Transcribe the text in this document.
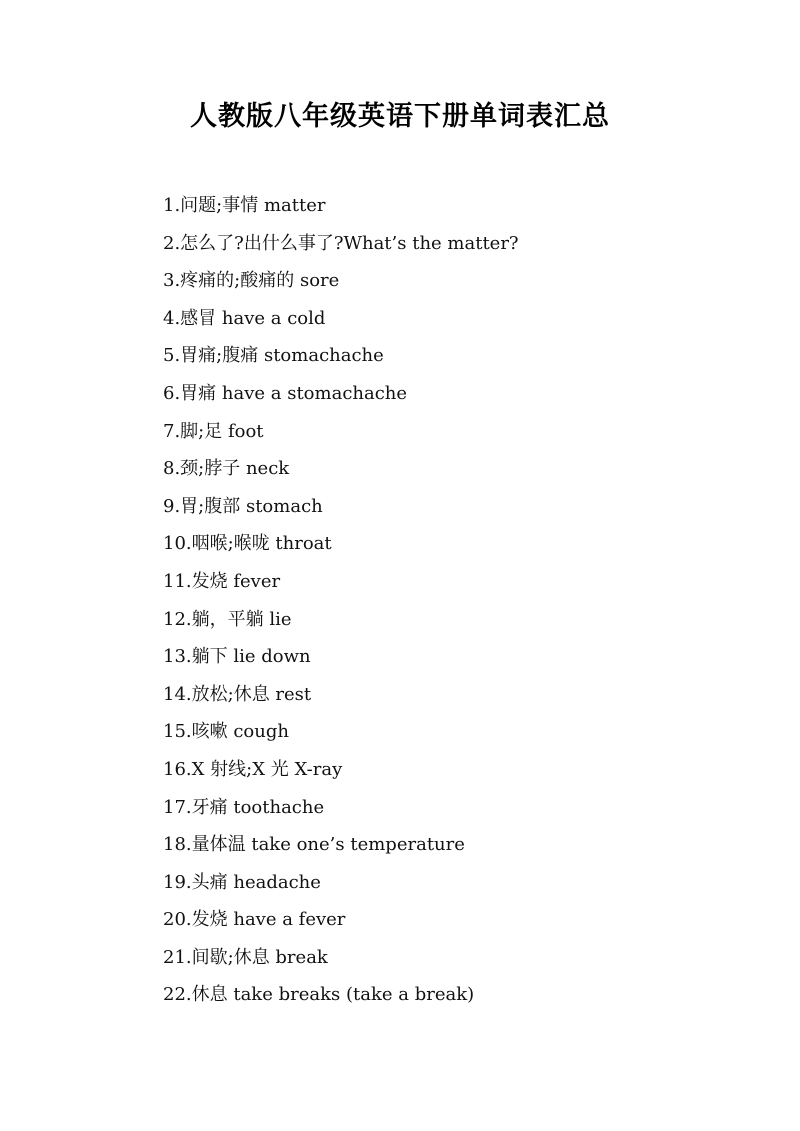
人教版八年级英语下册单词表汇总
1.问题;事情 matter
2.怎么了?出什么事了?What’s the matter?
3.疼痛的;酸痛的 sore
4.感冒 have a cold
5.胃痛;腹痛 stomachache
6.胃痛 have a stomachache
7.脚;足 foot
8.颈;脖子 neck
9.胃;腹部 stomach
10.咽喉;喉咙 throat
11.发烧 fever
12.躺，平躺 lie
13.躺下 lie down
14.放松;休息 rest
15.咳嗽 cough
16.X 射线;X 光 X-ray
17.牙痛 toothache
18.量体温 take one’s temperature
19.头痛 headache
20.发烧 have a fever
21.间歇;休息 break
22.休息 take breaks (take a break)
